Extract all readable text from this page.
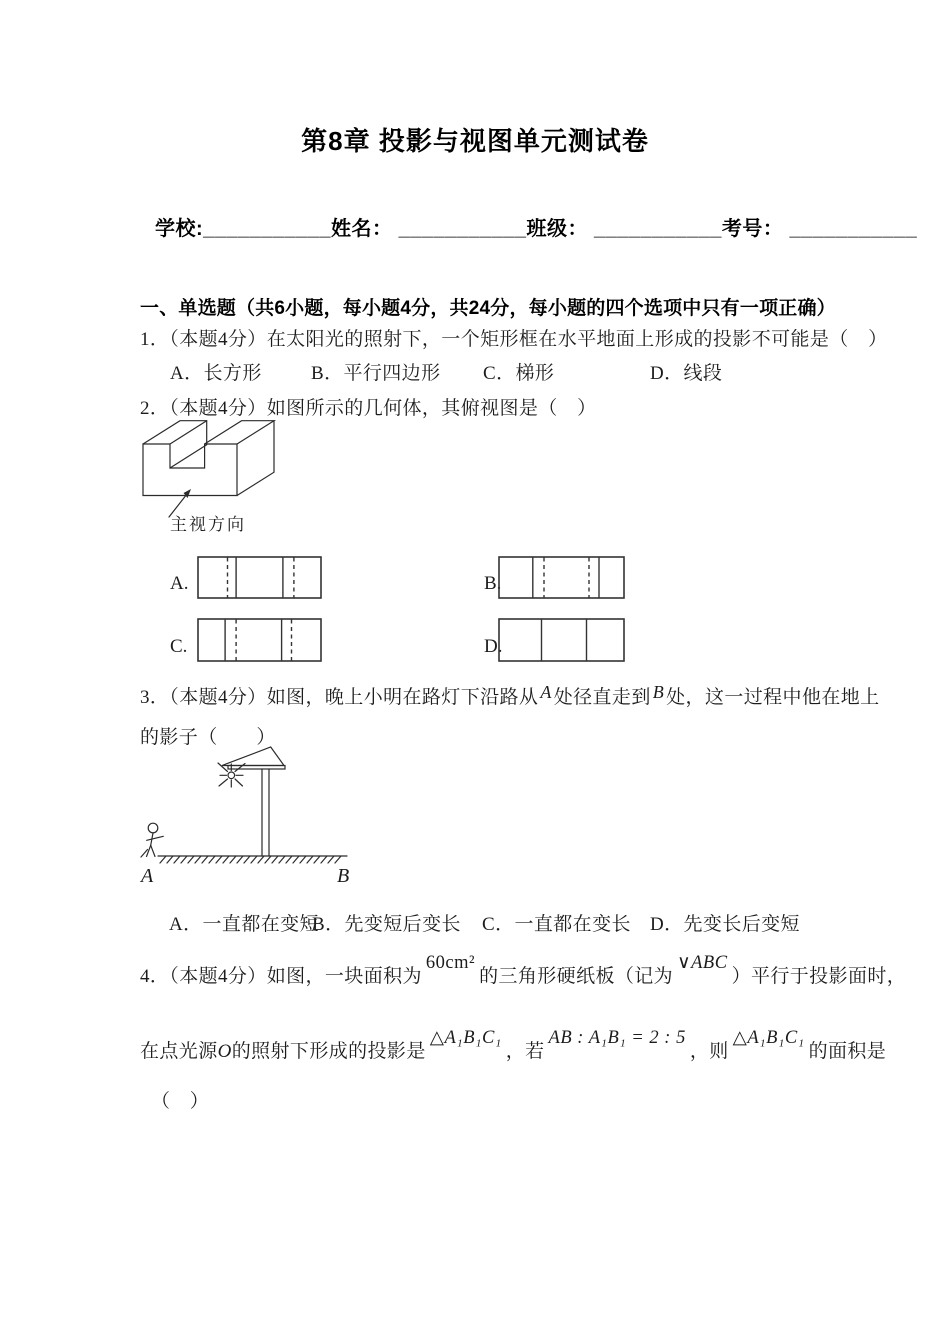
第8章 投影与视图单元测试卷
学校:___________姓名： ___________班级： ___________考号： ___________
一、单选题（共6小题，每小题4分，共24分，每小题的四个选项中只有一项正确）
1．（本题4分）在太阳光的照射下，一个矩形框在水平地面上形成的投影不可能是（　）
A．长方形	B．平行四边形 C．梯形	D．线段
2．（本题4分）如图所示的几何体，其俯视图是（　）
主视方向
A.	B.
C.	D.
3．（本题4分）如图，晚上小明在路灯下沿路从 A 处径直走到 B 处，这一过程中他在地上
的影子（　　）
A	B
A．一直都在变短
B．先变短后变长 C．一直都在变长 D．先变长后变短
4．（本题4分）如图，一块面积为60cm²的三角形硬纸板（记为∨ABC）平行于投影面时，
在点光源O的照射下形成的投影是△A₁B₁C₁，若AB : A₁B₁ = 2 : 5，则△A₁B₁C₁的面积是
（　）
